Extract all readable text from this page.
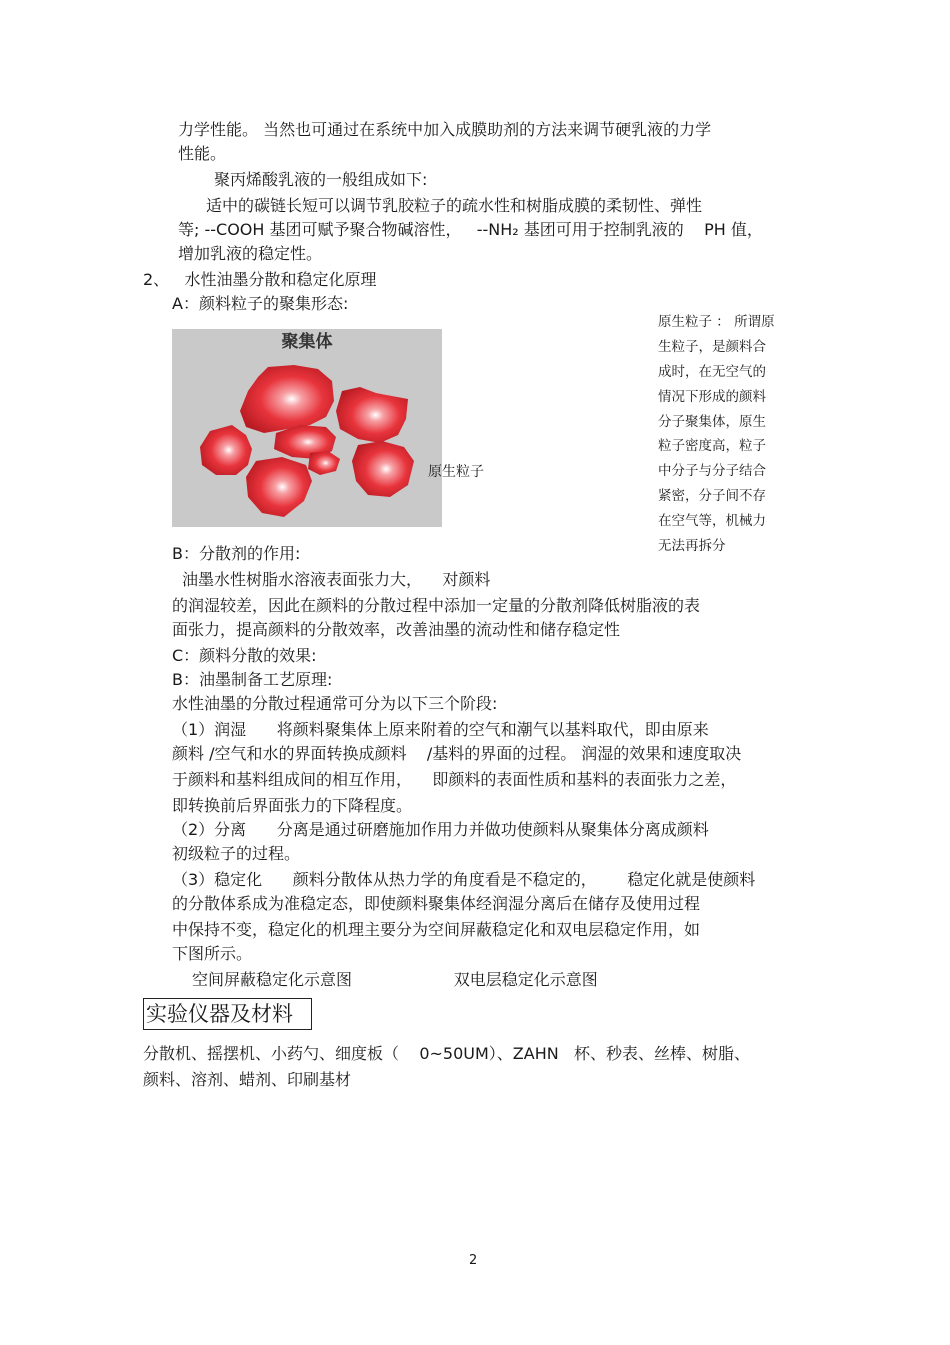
力学性能。 当然也可通过在系统中加入成膜助剂的方法来调节硬乳液的力学
性能。
聚丙烯酸乳液的一般组成如下:
适中的碳链长短可以调节乳胶粒子的疏水性和树脂成膜的柔韧性、弹性
等; --COOH 基团可赋予聚合物碱溶性，   --NH₂ 基团可用于控制乳液的    PH 值，
增加乳液的稳定性。
2、   水性油墨分散和稳定化原理
A：颜料粒子的聚集形态:
原生粒子 ： 所谓原
生粒子，是颜料合
成时，在无空气的
情况下形成的颜料
分子聚集体，原生
粒子密度高，粒子
中分子与分子结合
紧密，分子间不存
在空气等，机械力
无法再拆分
聚集体
原生粒子
B：分散剂的作用:
油墨水性树脂水溶液表面张力大，    对颜料
的润湿较差，因此在颜料的分散过程中添加一定量的分散剂降低树脂液的表
面张力，提高颜料的分散效率，改善油墨的流动性和储存稳定性
C：颜料分散的效果:
B：油墨制备工艺原理:
水性油墨的分散过程通常可分为以下三个阶段:
（1）润湿      将颜料聚集体上原来附着的空气和潮气以基料取代，即由原来
颜料 /空气和水的界面转换成颜料    /基料的界面的过程。 润湿的效果和速度取决
于颜料和基料组成间的相互作用，    即颜料的表面性质和基料的表面张力之差，
即转换前后界面张力的下降程度。
（2）分离      分离是通过研磨施加作用力并做功使颜料从聚集体分离成颜料
初级粒子的过程。
（3）稳定化      颜料分散体从热力学的角度看是不稳定的，      稳定化就是使颜料
的分散体系成为准稳定态，即使颜料聚集体经润湿分离后在储存及使用过程
中保持不变，稳定化的机理主要分为空间屏蔽稳定化和双电层稳定作用，如
下图所示。
空间屏蔽稳定化示意图                    双电层稳定化示意图
实验仪器及材料
分散机、摇摆机、小药勺、细度板（    0~50UM）、ZAHN   杯、秒表、丝棒、树脂、
颜料、溶剂、蜡剂、印刷基材
2
